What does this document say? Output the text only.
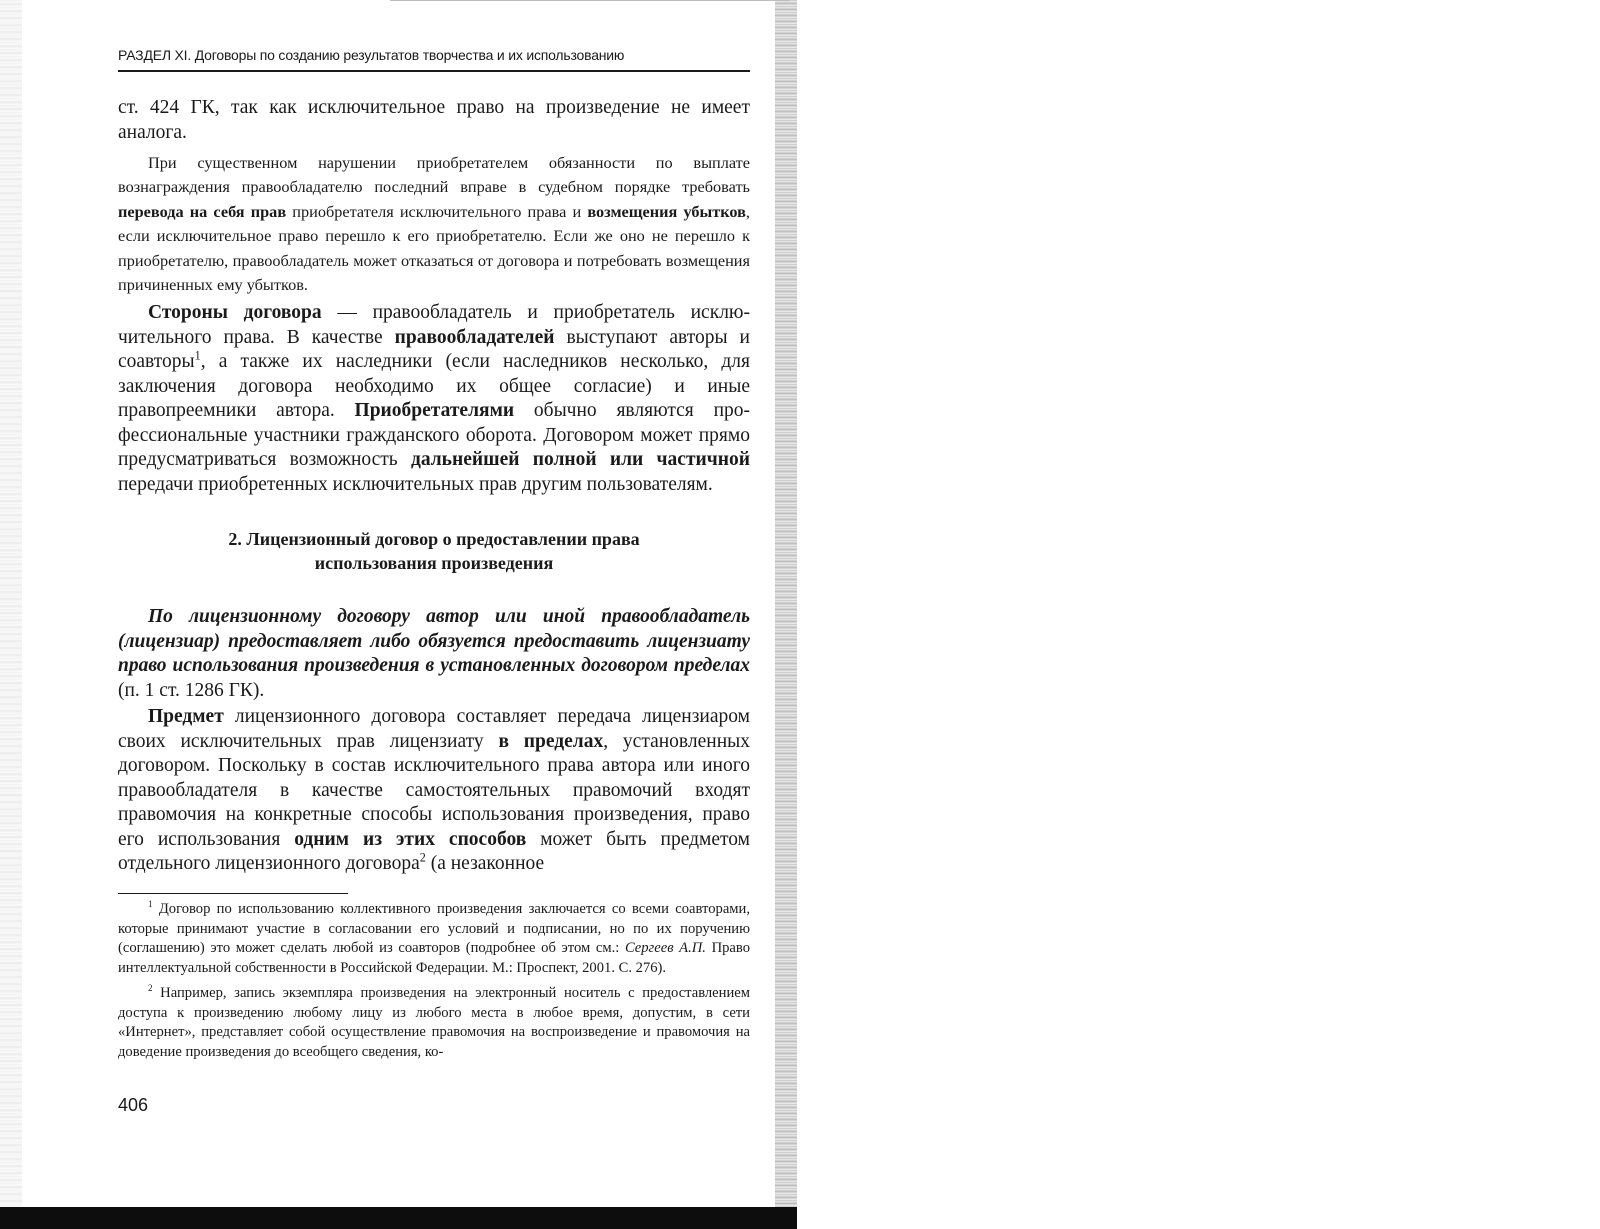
РАЗДЕЛ XI. Договоры по созданию результатов творчества и их использованию

ст. 424 ГК, так как исключительное право на произведение не имеет аналога.

При существенном нарушении приобретателем обязанности по выплате вознаграждения правообладателю последний вправе в судебном порядке требовать перевода на себя прав приобретателя исключительного права и возмещения убытков, если исключительное право перешло к его приобретателю. Если же оно не перешло к приобретателю, правообладатель может отказаться от договора и потребовать возмещения причиненных ему убытков.

Стороны договора — правообладатель и приобретатель исключительного права. В качестве правообладателей выступают авторы и соавторы$^1$, а также их наследники (если наследников несколько, для заключения договора необходимо их общее согласие) и иные правопреемники автора. Приобретателями обычно являются профессиональные участники гражданского оборота. Договором может прямо предусматриваться возможность дальнейшей полной или частичной передачи приобретенных исключительных прав другим пользователям.

2. Лицензионный договор о предоставлении права
использования произведения

По лицензионному договору автор или иной правообладатель (лицензиар) предоставляет либо обязуется предоставить лицензиату право использования произведения в установленных договором пределах (п. 1 ст. 1286 ГК).

Предмет лицензионного договора составляет передача лицензиаром своих исключительных прав лицензиату в пределах, установленных договором. Поскольку в состав исключительного права автора или иного правообладателя в качестве самостоятельных правомочий входят правомочия на конкретные способы использования произведения, право его использования одним из этих способов может быть предметом отдельного лицензионного договора$^2$ (а незаконное

$^1$ Договор по использованию коллективного произведения заключается со всеми соавторами, которые принимают участие в согласовании его условий и подписании, но по их поручению (соглашению) это может сделать любой из соавторов (подробнее об этом см.: Сергеев А.П. Право интеллектуальной собственности в Российской Федерации. М.: Проспект, 2001. С. 276).

$^2$ Например, запись экземпляра произведения на электронный носитель с предоставлением доступа к произведению любому лицу из любого места в любое время, допустим, в сети «Интернет», представляет собой осуществление правомочия на воспроизведение и правомочия на доведение произведения до всеобщего сведения, ко-

406
